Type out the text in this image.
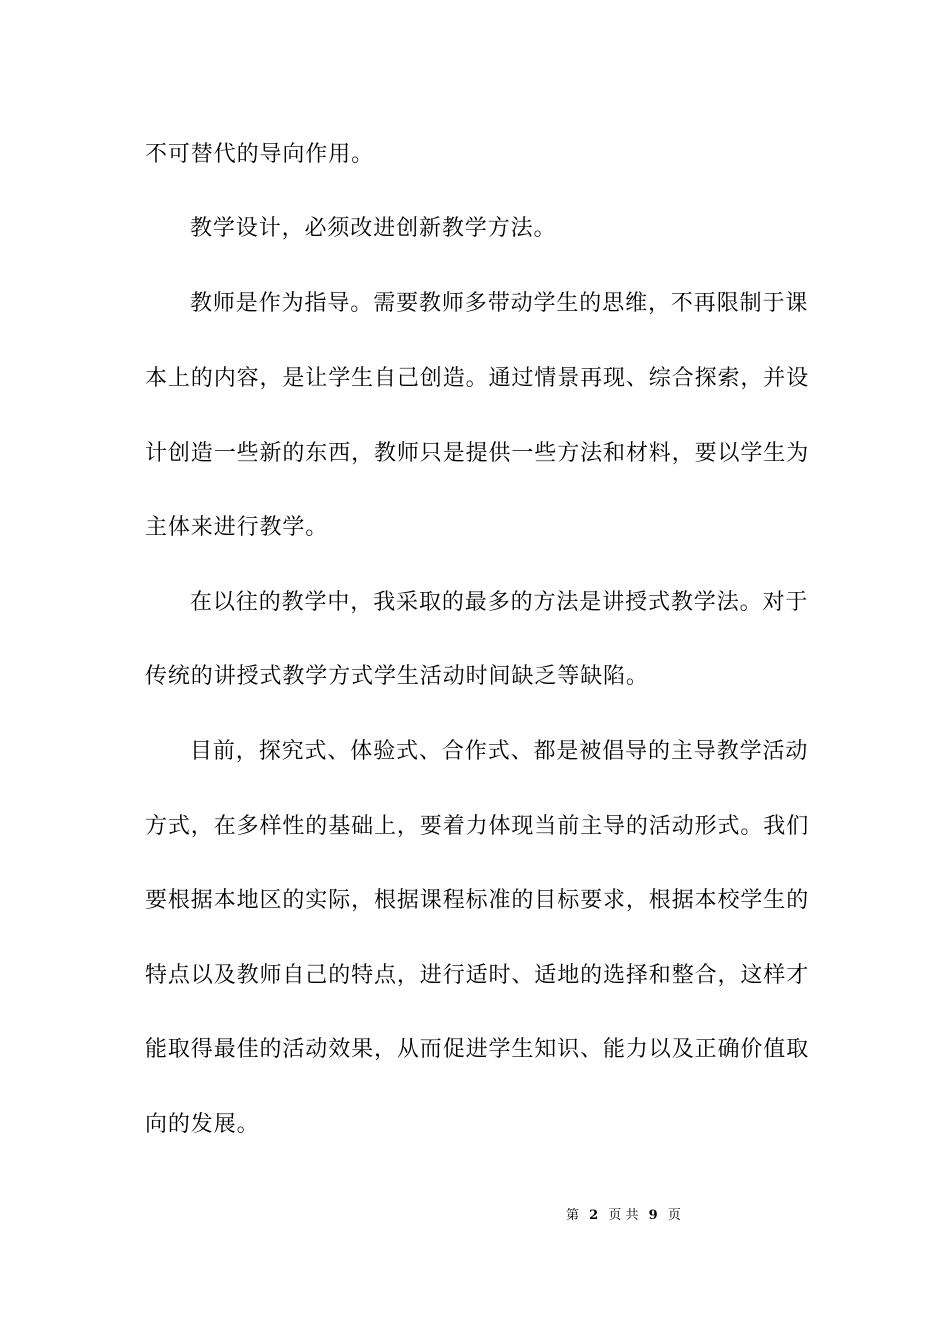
不可替代的导向作用。
教学设计，必须改进创新教学方法。
教师是作为指导。需要教师多带动学生的思维，不再限制于课
本上的内容，是让学生自己创造。通过情景再现、综合探索，并设
计创造一些新的东西，教师只是提供一些方法和材料，要以学生为
主体来进行教学。
在以往的教学中，我采取的最多的方法是讲授式教学法。对于
传统的讲授式教学方式学生活动时间缺乏等缺陷。
目前，探究式、体验式、合作式、都是被倡导的主导教学活动
方式，在多样性的基础上，要着力体现当前主导的活动形式。我们
要根据本地区的实际，根据课程标准的目标要求，根据本校学生的
特点以及教师自己的特点，进行适时、适地的选择和整合，这样才
能取得最佳的活动效果，从而促进学生知识、能力以及正确价值取
向的发展。
第 2 页 共 9 页
